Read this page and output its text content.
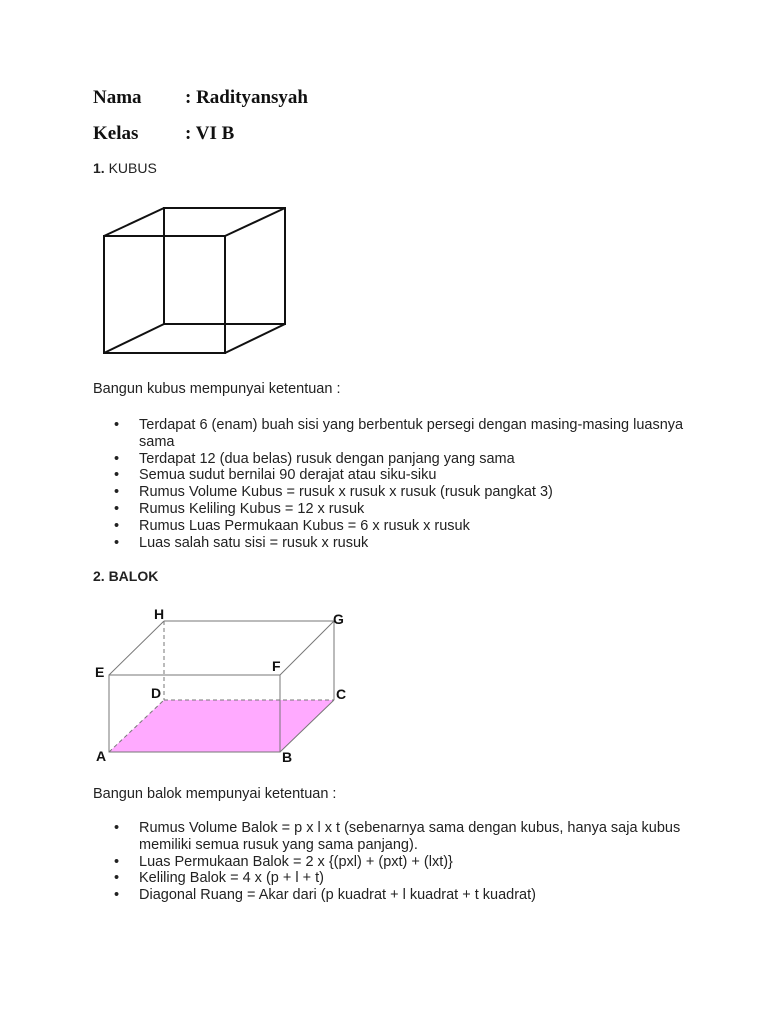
Nama : Radityansyah
Kelas : VI B
1. KUBUS
H	G
E	F
D	C
A	B
Bangun kubus mempunyai ketentuan :
• Terdapat 6 (enam) buah sisi yang berbentuk persegi dengan masing-masing luasnya sama
• Terdapat 12 (dua belas) rusuk dengan panjang yang sama
• Semua sudut bernilai 90 derajat atau siku-siku
• Rumus Volume Kubus = rusuk x rusuk x rusuk (rusuk pangkat 3)
• Rumus Keliling Kubus = 12 x rusuk
• Rumus Luas Permukaan Kubus = 6 x rusuk x rusuk
• Luas salah satu sisi = rusuk x rusuk
2. BALOK
Bangun balok mempunyai ketentuan :
• Rumus Volume Balok = p x l x t (sebenarnya sama dengan kubus, hanya saja kubus memiliki semua rusuk yang sama panjang).
• Luas Permukaan Balok = 2 x {(pxl) + (pxt) + (lxt)}
• Keliling Balok = 4 x (p + l + t)
• Diagonal Ruang = Akar dari (p kuadrat + l kuadrat + t kuadrat)
